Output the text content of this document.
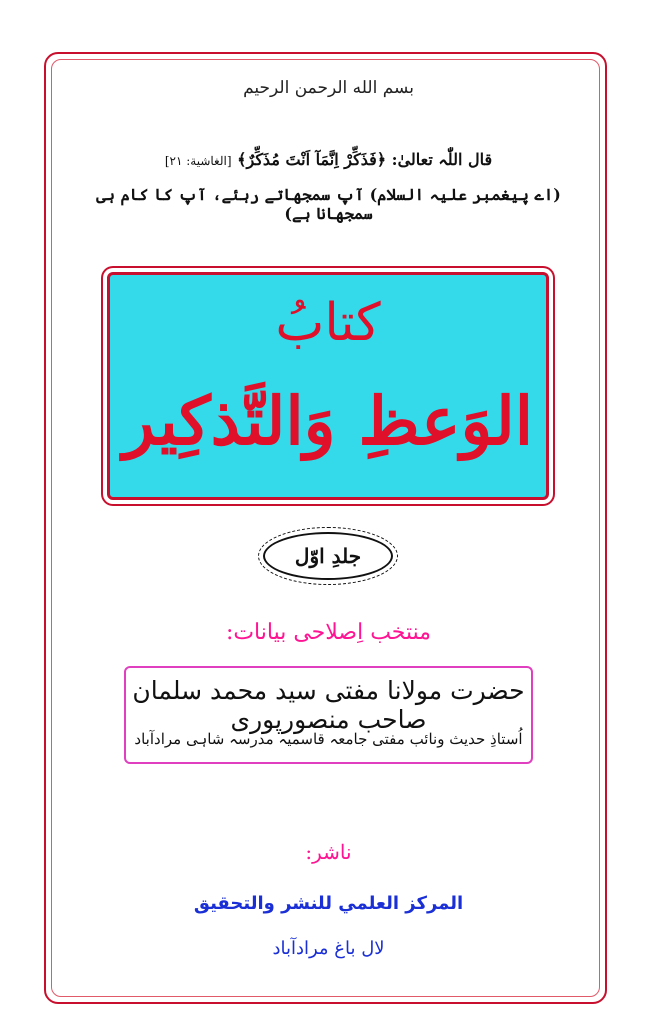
بسم الله الرحمن الرحيم
قال اللّٰہ تعالیٰ: ﴿فَذَكِّرْ اِنَّمَآ اَنْتَ مُذَكِّرٌ﴾ [الغاشية: ٢١]
(اے پیغمبر علیہ السلام) آپ سمجھاتے رہئے، آپ کا کام ہی سمجھانا ہے)
کتابُ
الوَعظِ وَالتَّذكِیر
جلدِ اوّل
منتخب اِصلاحی بیانات:
حضرت مولانا مفتی سید محمد سلمان صاحب منصورپوری
اُستاذِ حدیث ونائب مفتی جامعہ قاسمیہ مدرسہ شاہی مرادآباد
ناشر:
المركز العلمي للنشر والتحقيق
لال باغ مرادآباد
